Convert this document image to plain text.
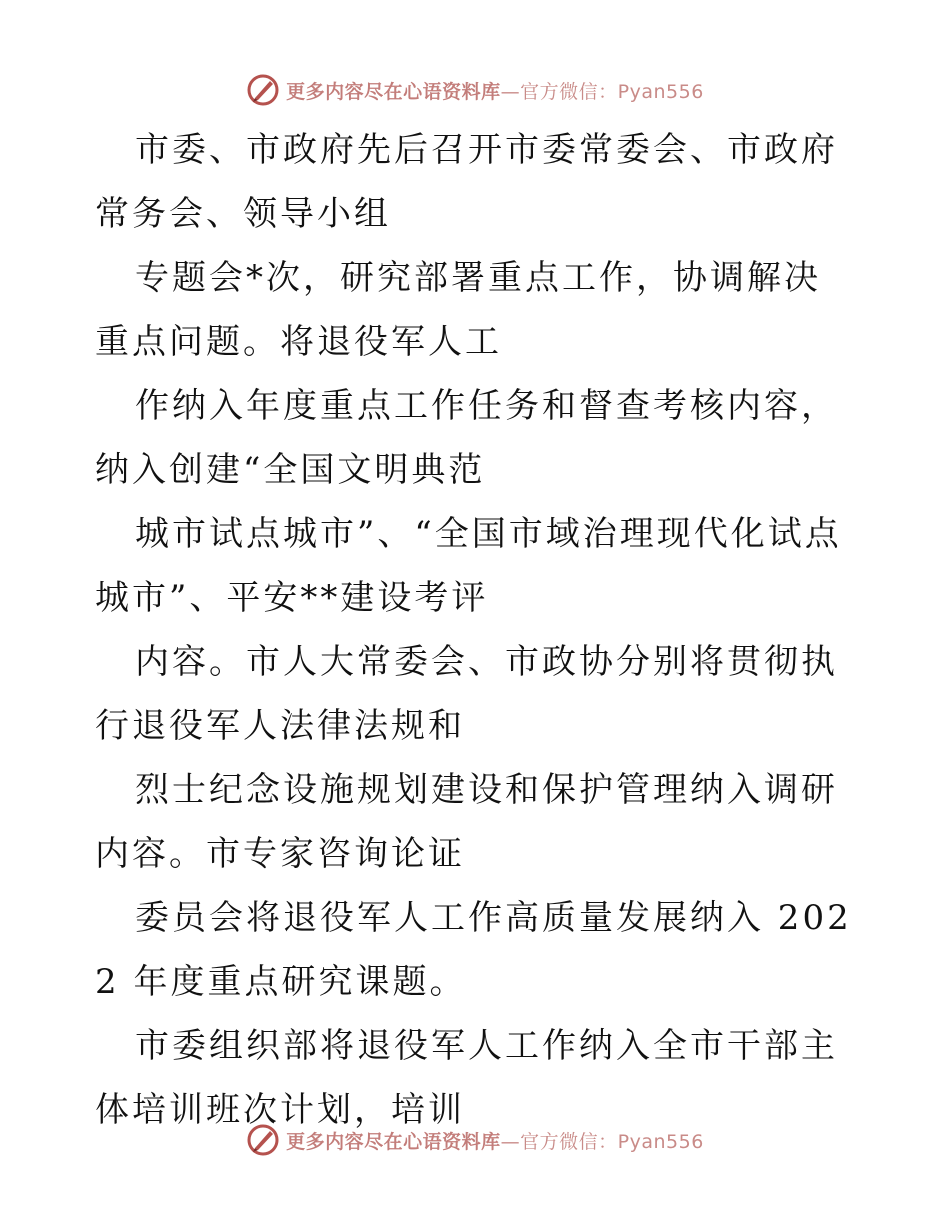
更多内容尽在心语资料库—官方微信：Pyan556

市委、市政府先后召开市委常委会、市政府常务会、领导小组

专题会*次，研究部署重点工作，协调解决重点问题。将退役军人工

作纳入年度重点工作任务和督查考核内容，纳入创建“全国文明典范

城市试点城市”、“全国市域治理现代化试点城市”、平安**建设考评

内容。市人大常委会、市政协分别将贯彻执行退役军人法律法规和

烈士纪念设施规划建设和保护管理纳入调研内容。市专家咨询论证

委员会将退役军人工作高质量发展纳入 2022 年度重点研究课题。

市委组织部将退役军人工作纳入全市干部主体培训班次计划，培训

更多内容尽在心语资料库—官方微信：Pyan556
